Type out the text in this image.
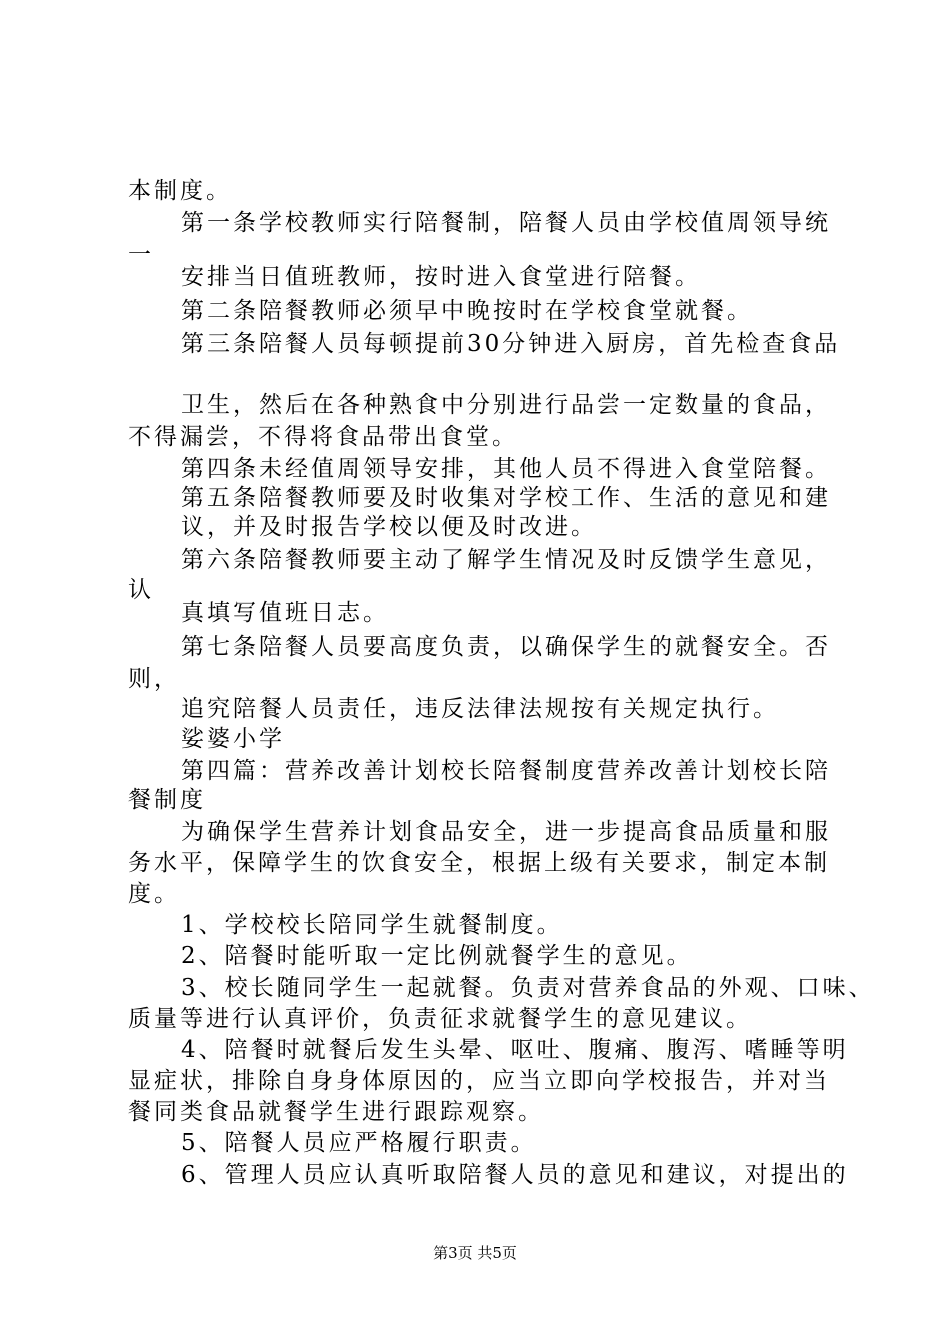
本制度。

第一条学校教师实行陪餐制，陪餐人员由学校值周领导统

一

安排当日值班教师，按时进入食堂进行陪餐。

第二条陪餐教师必须早中晚按时在学校食堂就餐。

第三条陪餐人员每顿提前30分钟进入厨房，首先检查食品

卫生，然后在各种熟食中分别进行品尝一定数量的食品，

不得漏尝，不得将食品带出食堂。

第四条未经值周领导安排，其他人员不得进入食堂陪餐。

第五条陪餐教师要及时收集对学校工作、生活的意见和建

议，并及时报告学校以便及时改进。

第六条陪餐教师要主动了解学生情况及时反馈学生意见，

认

真填写值班日志。

第七条陪餐人员要高度负责，以确保学生的就餐安全。否

则，

追究陪餐人员责任，违反法律法规按有关规定执行。

娑婆小学

第四篇：营养改善计划校长陪餐制度营养改善计划校长陪

餐制度

为确保学生营养计划食品安全，进一步提高食品质量和服

务水平，保障学生的饮食安全，根据上级有关要求，制定本制

度。

1、学校校长陪同学生就餐制度。

2、陪餐时能听取一定比例就餐学生的意见。

3、校长随同学生一起就餐。负责对营养食品的外观、口味、

质量等进行认真评价，负责征求就餐学生的意见建议。

4、陪餐时就餐后发生头晕、呕吐、腹痛、腹泻、嗜睡等明

显症状，排除自身身体原因的，应当立即向学校报告，并对当

餐同类食品就餐学生进行跟踪观察。

5、陪餐人员应严格履行职责。

6、管理人员应认真听取陪餐人员的意见和建议，对提出的

第3页 共5页
